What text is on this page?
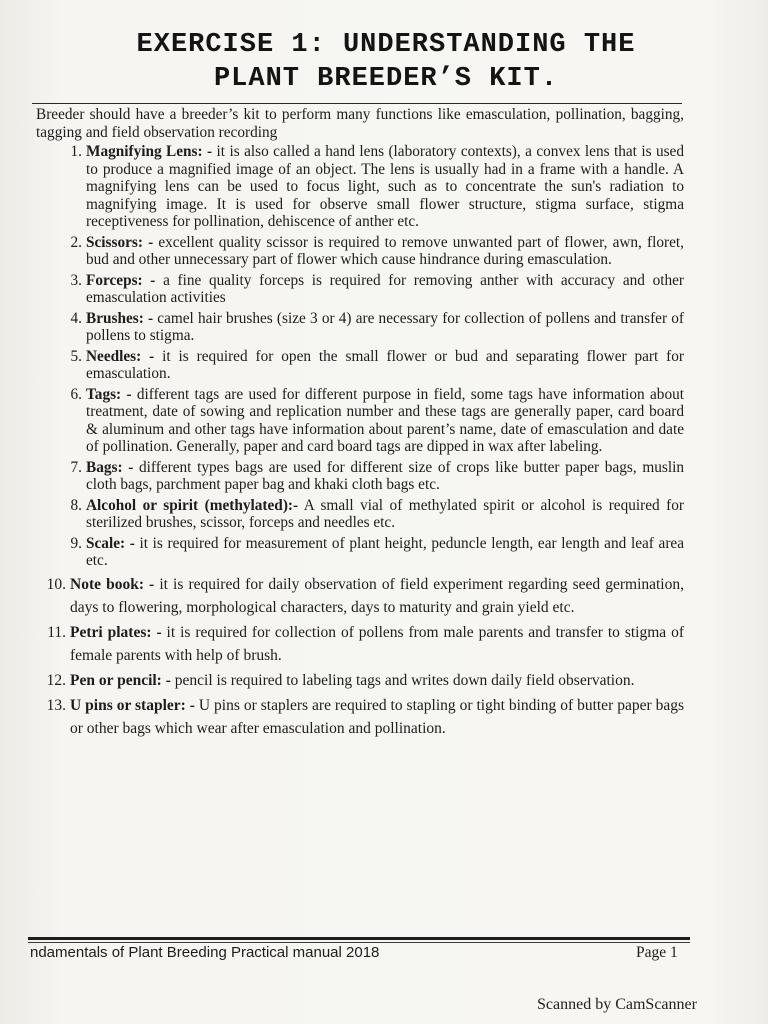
EXERCISE 1: UNDERSTANDING THE
PLANT BREEDER’S KIT.

Breeder should have a breeder’s kit to perform many functions like emasculation, pollination, bagging, tagging and field observation recording

1. Magnifying Lens: - it is also called a hand lens (laboratory contexts), a convex lens that is used to produce a magnified image of an object. The lens is usually had in a frame with a handle. A magnifying lens can be used to focus light, such as to concentrate the sun's radiation to magnifying image. It is used for observe small flower structure, stigma surface, stigma receptiveness for pollination, dehiscence of anther etc.
2. Scissors: - excellent quality scissor is required to remove unwanted part of flower, awn, floret, bud and other unnecessary part of flower which cause hindrance during emasculation.
3. Forceps: - a fine quality forceps is required for removing anther with accuracy and other emasculation activities
4. Brushes: - camel hair brushes (size 3 or 4) are necessary for collection of pollens and transfer of pollens to stigma.
5. Needles: - it is required for open the small flower or bud and separating flower part for emasculation.
6. Tags: - different tags are used for different purpose in field, some tags have information about treatment, date of sowing and replication number and these tags are generally paper, card board & aluminum and other tags have information about parent’s name, date of emasculation and date of pollination. Generally, paper and card board tags are dipped in wax after labeling.
7. Bags: - different types bags are used for different size of crops like butter paper bags, muslin cloth bags, parchment paper bag and khaki cloth bags etc.
8. Alcohol or spirit (methylated):- A small vial of methylated spirit or alcohol is required for sterilized brushes, scissor, forceps and needles etc.
9. Scale: - it is required for measurement of plant height, peduncle length, ear length and leaf area etc.
10. Note book: - it is required for daily observation of field experiment regarding seed germination, days to flowering, morphological characters, days to maturity and grain yield etc.
11. Petri plates: - it is required for collection of pollens from male parents and transfer to stigma of female parents with help of brush.
12. Pen or pencil: - pencil is required to labeling tags and writes down daily field observation.
13. U pins or stapler: - U pins or staplers are required to stapling or tight binding of butter paper bags or other bags which wear after emasculation and pollination.
ndamentals of Plant Breeding Practical manual 2018	Page 1
Scanned by CamScanner
